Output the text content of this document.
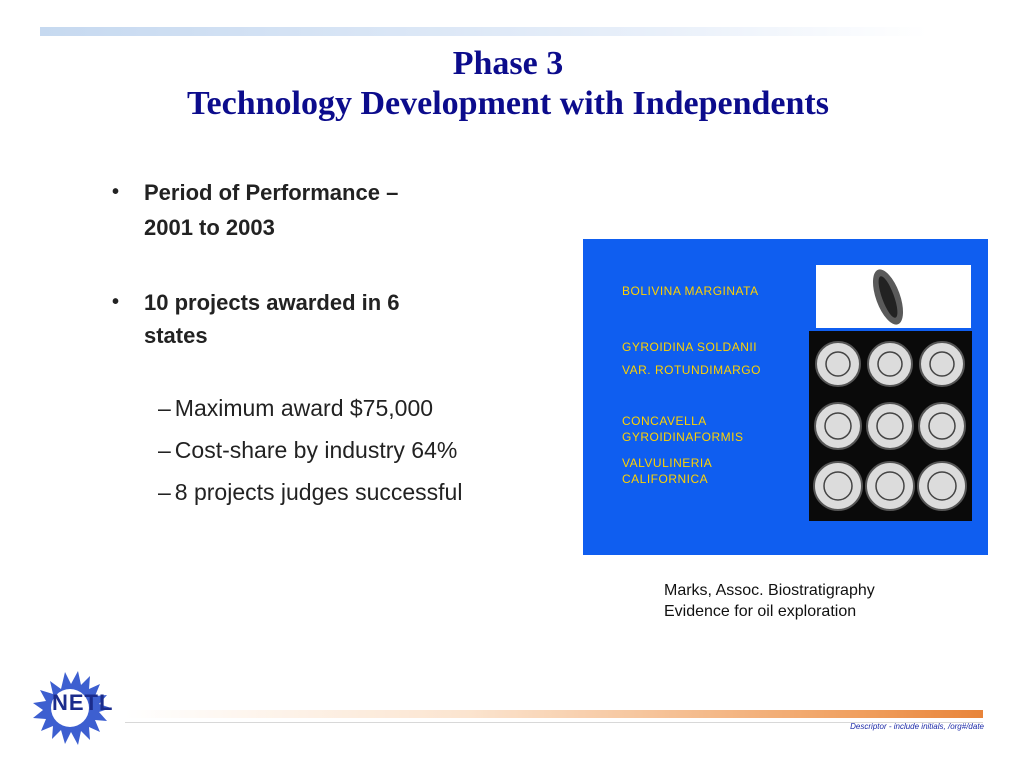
Phase 3
Technology Development with Independents
• Period of Performance –
2001 to 2003
• 10 projects awarded in 6
states
– Maximum award $75,000
– Cost-share by industry 64%
– 8 projects judges successful
BOLIVINA MARGINATA
GYROIDINA SOLDANII
VAR. ROTUNDIMARGO
CONCAVELLA
GYROIDINAFORMIS
VALVULINERIA
CALIFORNICA
Marks, Assoc. Biostratigraphy
Evidence for oil exploration
NETL
Descriptor - include initials, /org#/date
